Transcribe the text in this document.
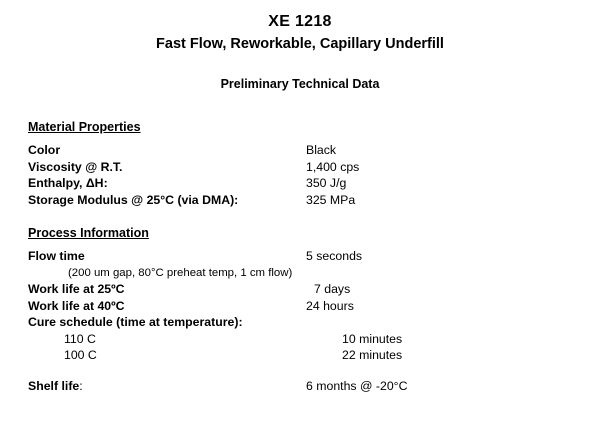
XE 1218
Fast Flow, Reworkable, Capillary Underfill
Preliminary Technical Data
Material Properties
Color	Black
Viscosity @ R.T.	1,400 cps
Enthalpy, ΔH:	350 J/g
Storage Modulus @ 25°C (via DMA):	325 MPa
Process Information
Flow time	5 seconds
(200 um gap, 80°C preheat temp, 1 cm flow)
Work life at 25ºC	7 days
Work life at 40ºC	24 hours
Cure schedule (time at temperature):
110 C	10 minutes
100 C	22 minutes
Shelf life:	6 months @ -20°C
